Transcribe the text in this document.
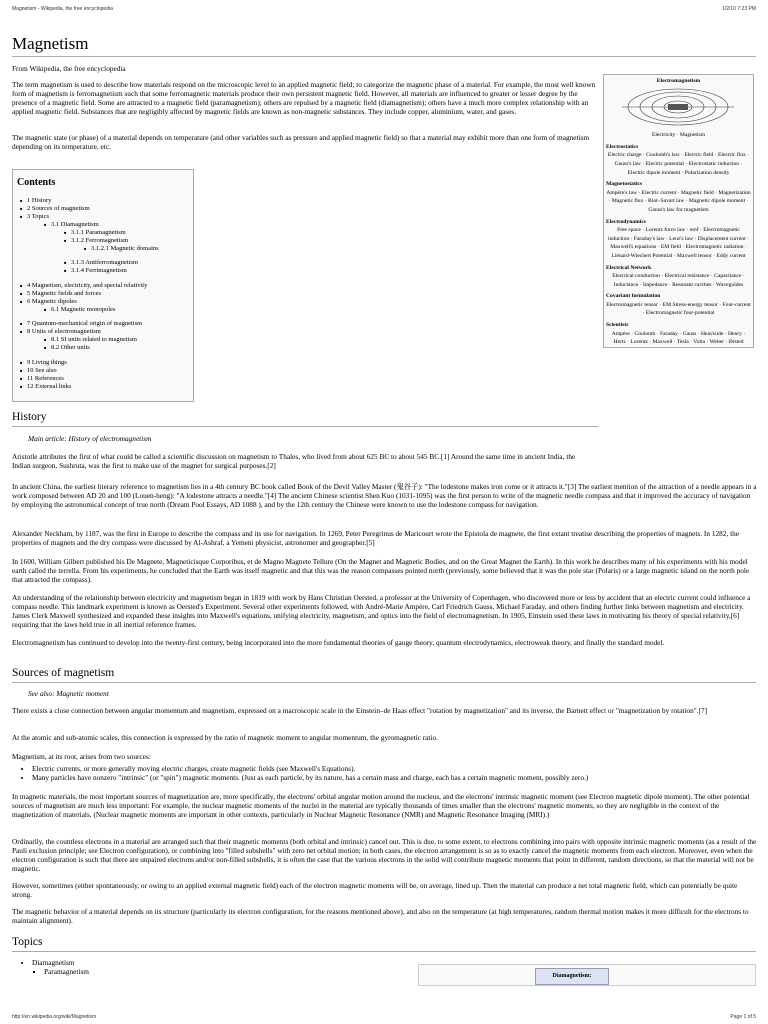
Magnetism - Wikipedia, the free encyclopedia	1/2/10 7:23 PM
Magnetism
From Wikipedia, the free encyclopedia
The term magnetism is used to describe how materials respond on the microscopic level to an applied magnetic field; to categorize the magnetic phase of a material. For example, the most well known form of magnetism is ferromagnetism such that some ferromagnetic materials produce their own persistent magnetic field. However, all materials are influenced to greater or lesser degree by the presence of a magnetic field. Some are attracted to a magnetic field (paramagnetism); others are repulsed by a magnetic field (diamagnetism); others have a much more complex relationship with an applied magnetic field. Substances that are negligibly affected by magnetic fields are known as non-magnetic substances. They include copper, aluminium, water, and gases.
The magnetic state (or phase) of a material depends on temperature (and other variables such as pressure and applied magnetic field) so that a material may exhibit more than one form of magnetism depending on its temperature, etc.
Electromagnetism
Electricity · Magnetism
Electrostatics
Electric charge · Coulomb's law · Electric field · Electric flux · Gauss's law · Electric potential · Electrostatic induction · Electric dipole moment · Polarization density
Magnetostatics
Ampère's law · Electric current · Magnetic field · Magnetization · Magnetic flux · Biot–Savart law · Magnetic dipole moment · Gauss's law for magnetism
Electrodynamics
Free space · Lorentz force law · emf · Electromagnetic induction · Faraday's law · Lenz's law · Displacement current · Maxwell's equations · EM field · Electromagnetic radiation · Liénard-Wiechert Potential · Maxwell tensor · Eddy current
Electrical Network
Electrical conduction · Electrical resistance · Capacitance · Inductance · Impedance · Resonant cavities · Waveguides
Covariant formulation
Electromagnetic tensor · EM Stress-energy tensor · Four-current · Electromagnetic four-potential
Scientists
Ampère · Coulomb · Faraday · Gauss · Heaviside · Henry · Hertz · Lorentz · Maxwell · Tesla · Volta · Weber · Ørsted
Contents
■ 1 History
■ 2 Sources of magnetism
■ 3 Topics
■ 3.1 Diamagnetism
■ 3.1.1 Paramagnetism
■ 3.1.2 Ferromagnetism
■ 3.1.2.1 Magnetic domains
■ 3.1.3 Antiferromagnetism
■ 3.1.4 Ferrimagnetism
■ 4 Magnetism, electricity, and special relativity
■ 5 Magnetic fields and forces
■ 6 Magnetic dipoles
■ 6.1 Magnetic monopoles
■ 7 Quantum-mechanical origin of magnetism
■ 8 Units of electromagnetism
■ 8.1 SI units related to magnetism
■ 8.2 Other units
■ 9 Living things
■ 10 See also
■ 11 References
■ 12 External links
History
Main article: History of electromagnetism
Aristotle attributes the first of what could be called a scientific discussion on magnetism to Thales, who lived from about 625 BC to about 545 BC.[1] Around the same time in ancient India, the Indian surgeon, Sushruta, was the first to make use of the magnet for surgical purposes.[2]
In ancient China, the earliest literary reference to magnetism lies in a 4th century BC book called Book of the Devil Valley Master (鬼谷子): "The lodestone makes iron come or it attracts it."[3] The earliest mention of the attraction of a needle appears in a work composed between AD 20 and 100 (Louen-heng): "A lodestone attracts a needle."[4] The ancient Chinese scientist Shen Kuo (1031-1095) was the first person to write of the magnetic needle compass and that it improved the accuracy of navigation by employing the astronomical concept of true north (Dream Pool Essays, AD 1088 ), and by the 12th century the Chinese were known to use the lodestone compass for navigation.
Alexander Neckham, by 1187, was the first in Europe to describe the compass and its use for navigation. In 1269, Peter Peregrinus de Maricourt wrote the Epistola de magnete, the first extant treatise describing the properties of magnets. In 1282, the properties of magnets and the dry compass were discussed by Al-Ashraf, a Yemeni physicist, astronomer and geographer.[5]
In 1600, William Gilbert published his De Magnete, Magneticisque Corporibus, et de Magno Magnete Tellure (On the Magnet and Magnetic Bodies, and on the Great Magnet the Earth). In this work he describes many of his experiments with his model earth called the terrella. From his experiments, he concluded that the Earth was itself magnetic and that this was the reason compasses pointed north (previously, some believed that it was the pole star (Polaris) or a large magnetic island on the north pole that attracted the compass).
An understanding of the relationship between electricity and magnetism began in 1819 with work by Hans Christian Oersted, a professor at the University of Copenhagen, who discovered more or less by accident that an electric current could influence a compass needle. This landmark experiment is known as Oersted's Experiment. Several other experiments followed, with André-Marie Ampère, Carl Friedrich Gauss, Michael Faraday, and others finding further links between magnetism and electricity. James Clerk Maxwell synthesized and expanded these insights into Maxwell's equations, unifying electricity, magnetism, and optics into the field of electromagnetism. In 1905, Einstein used these laws in motivating his theory of special relativity,[6] requiring that the laws held true in all inertial reference frames.
Electromagnetism has continued to develop into the twenty-first century, being incorporated into the more fundamental theories of gauge theory, quantum electrodynamics, electroweak theory, and finally the standard model.
Sources of magnetism
See also: Magnetic moment
There exists a close connection between angular momentum and magnetism, expressed on a macroscopic scale in the Einstein–de Haas effect "rotation by magnetization" and its inverse, the Barnett effect or "magnetization by rotation".[7]
At the atomic and sub-atomic scales, this connection is expressed by the ratio of magnetic moment to angular momentum, the gyromagnetic ratio.
Magnetism, at its root, arises from two sources:
• Electric currents, or more generally moving electric charges, create magnetic fields (see Maxwell's Equations).
• Many particles have nonzero "intrinsic" (or "spin") magnetic moments. (Just as each particle, by its nature, has a certain mass and charge, each has a certain magnetic moment, possibly zero.)
In magnetic materials, the most important sources of magnetization are, more specifically, the electrons' orbital angular motion around the nucleus, and the electrons' intrinsic magnetic moment (see Electron magnetic dipole moment). The other potential sources of magnetism are much less important: For example, the nuclear magnetic moments of the nuclei in the material are typically thousands of times smaller than the electrons' magnetic moments, so they are negligible in the context of the magnetization of materials. (Nuclear magnetic moments are important in other contexts, particularly in Nuclear Magnetic Resonance (NMR) and Magnetic Resonance Imaging (MRI).)
Ordinarily, the countless electrons in a material are arranged such that their magnetic moments (both orbital and intrinsic) cancel out. This is due, to some extent, to electrons combining into pairs with opposite intrinsic magnetic moments (as a result of the Pauli exclusion principle; see Electron configuration), or combining into "filled subshells" with zero net orbital motion; in both cases, the electron arrangement is so as to exactly cancel the magnetic moments from each electron. Moreover, even when the electron configuration is such that there are unpaired electrons and/or non-filled subshells, it is often the case that the various electrons in the solid will contribute magnetic moments that point in different, random directions, so that the material will not be magnetic.
However, sometimes (either spontaneously, or owing to an applied external magnetic field) each of the electron magnetic moments will be, on average, lined up. Then the material can produce a net total magnetic field, which can potentially be quite strong.
The magnetic behavior of a material depends on its structure (particularly its electron configuration, for the reasons mentioned above), and also on the temperature (at high temperatures, random thermal motion makes it more difficult for the electrons to maintain alignment).
Topics
• Diamagnetism
▪ Paramagnetism	Diamagnetism:
http://en.wikipedia.org/wiki/Magnetism	Page 1 of 5
